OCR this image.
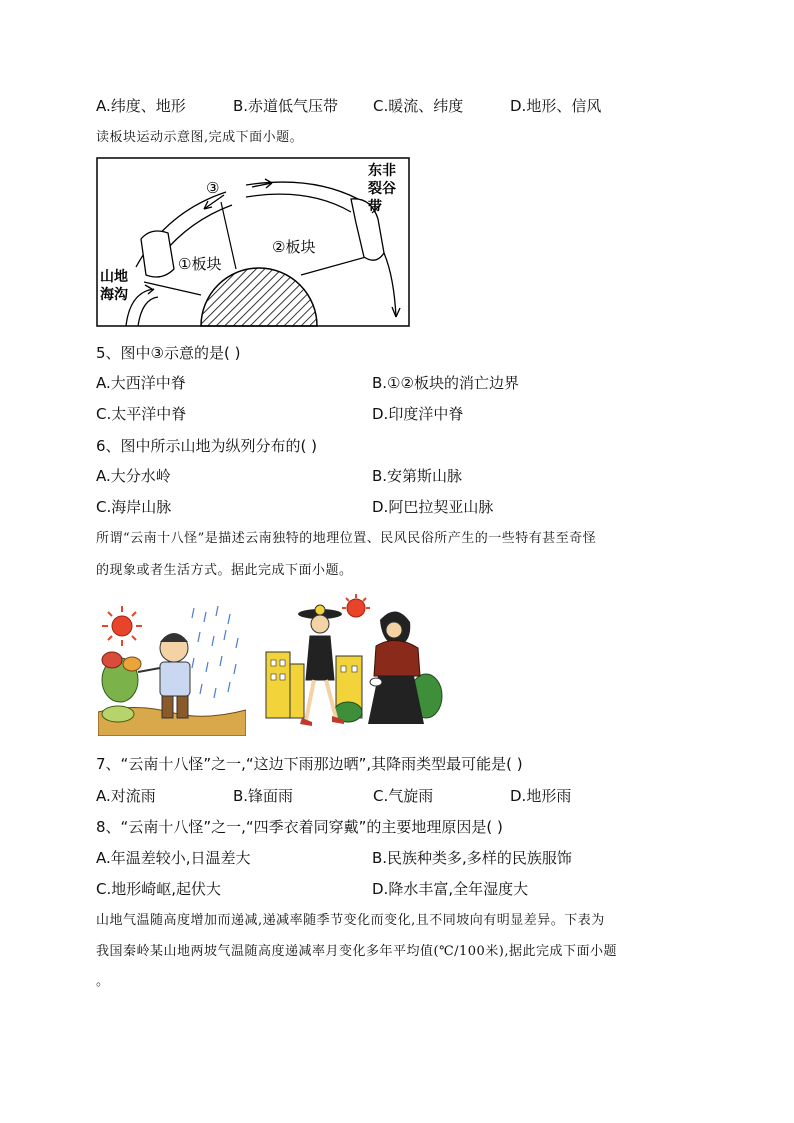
A.纬度、地形	B.赤道低气压带 C.暖流、纬度	D.地形、信风
读板块运动示意图,完成下面小题。
③
①板块
②板块
山地
海沟
东非
裂谷
带
5、图中③示意的是( )
A.大西洋中脊	B.①②板块的消亡边界
C.太平洋中脊	D.印度洋中脊
6、图中所示山地为纵列分布的( )
A.大分水岭	B.安第斯山脉
C.海岸山脉	D.阿巴拉契亚山脉
所谓“云南十八怪”是描述云南独特的地理位置、民风民俗所产生的一些特有甚至奇怪
的现象或者生活方式。据此完成下面小题。
7、“云南十八怪”之一,“这边下雨那边晒”,其降雨类型最可能是( )
A.对流雨	B.锋面雨	C.气旋雨	D.地形雨
8、“云南十八怪”之一,“四季衣着同穿戴”的主要地理原因是( )
A.年温差较小,日温差大	B.民族种类多,多样的民族服饰
C.地形崎岖,起伏大	D.降水丰富,全年湿度大
山地气温随高度增加而递减,递减率随季节变化而变化,且不同坡向有明显差异。下表为
我国秦岭某山地两坡气温随高度递减率月变化多年平均值(℃/100米),据此完成下面小题
。
